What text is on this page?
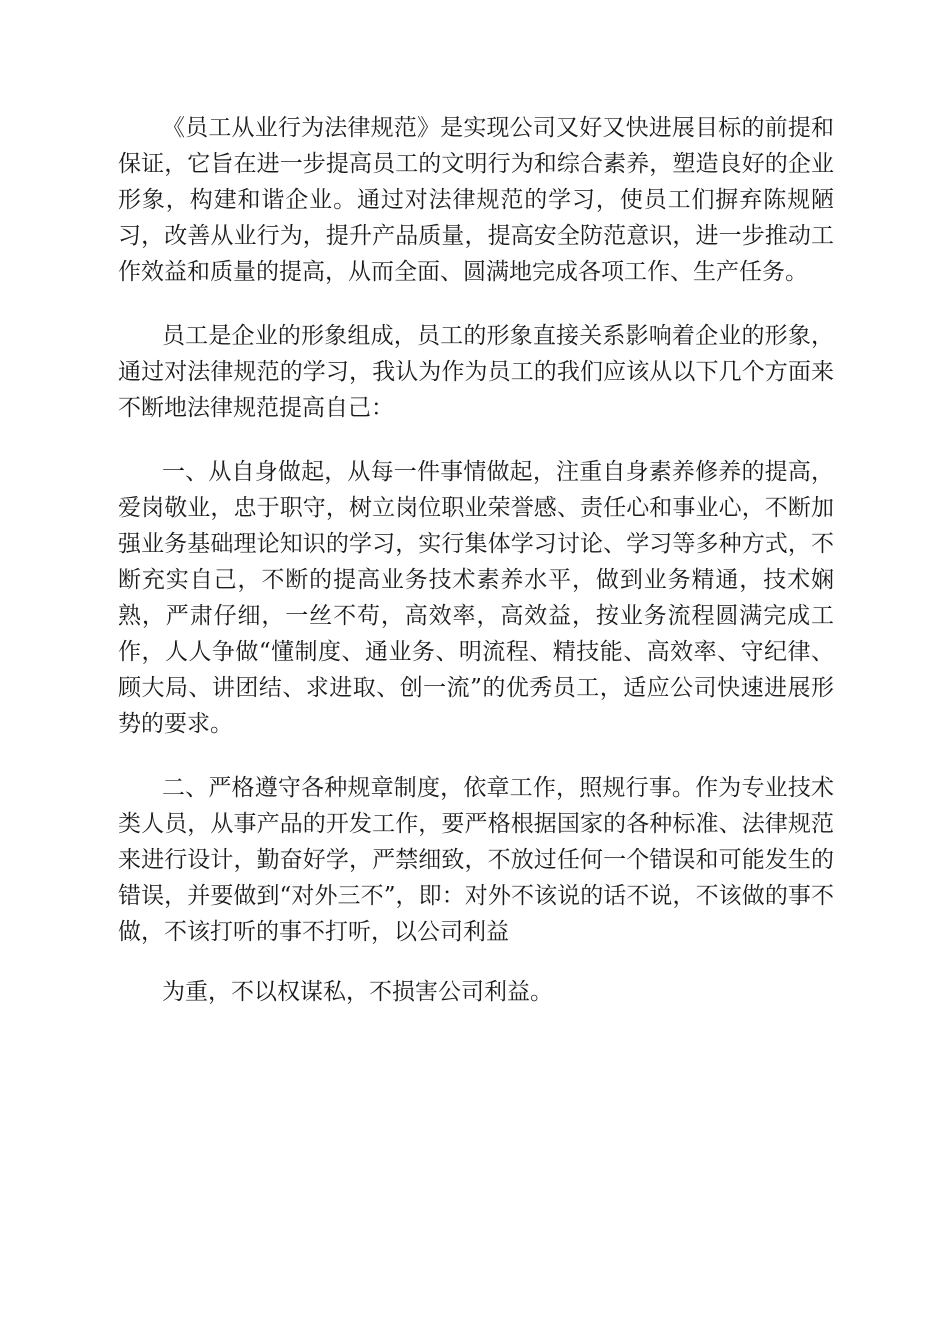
《员工从业行为法律规范》是实现公司又好又快进展目标的前提和保证，它旨在进一步提高员工的文明行为和综合素养，塑造良好的企业形象，构建和谐企业。通过对法律规范的学习，使员工们摒弃陈规陋习，改善从业行为，提升产品质量，提高安全防范意识，进一步推动工作效益和质量的提高，从而全面、圆满地完成各项工作、生产任务。

员工是企业的形象组成，员工的形象直接关系影响着企业的形象，通过对法律规范的学习，我认为作为员工的我们应该从以下几个方面来不断地法律规范提高自己：

一、从自身做起，从每一件事情做起，注重自身素养修养的提高，爱岗敬业，忠于职守，树立岗位职业荣誉感、责任心和事业心，不断加强业务基础理论知识的学习，实行集体学习讨论、学习等多种方式，不断充实自己，不断的提高业务技术素养水平，做到业务精通，技术娴熟，严肃仔细，一丝不苟，高效率，高效益，按业务流程圆满完成工作，人人争做“懂制度、通业务、明流程、精技能、高效率、守纪律、顾大局、讲团结、求进取、创一流”的优秀员工，适应公司快速进展形势的要求。

二、严格遵守各种规章制度，依章工作，照规行事。作为专业技术类人员，从事产品的开发工作，要严格根据国家的各种标准、法律规范来进行设计，勤奋好学，严禁细致，不放过任何一个错误和可能发生的错误，并要做到“对外三不”，即：对外不该说的话不说，不该做的事不做，不该打听的事不打听，以公司利益

为重，不以权谋私，不损害公司利益。
